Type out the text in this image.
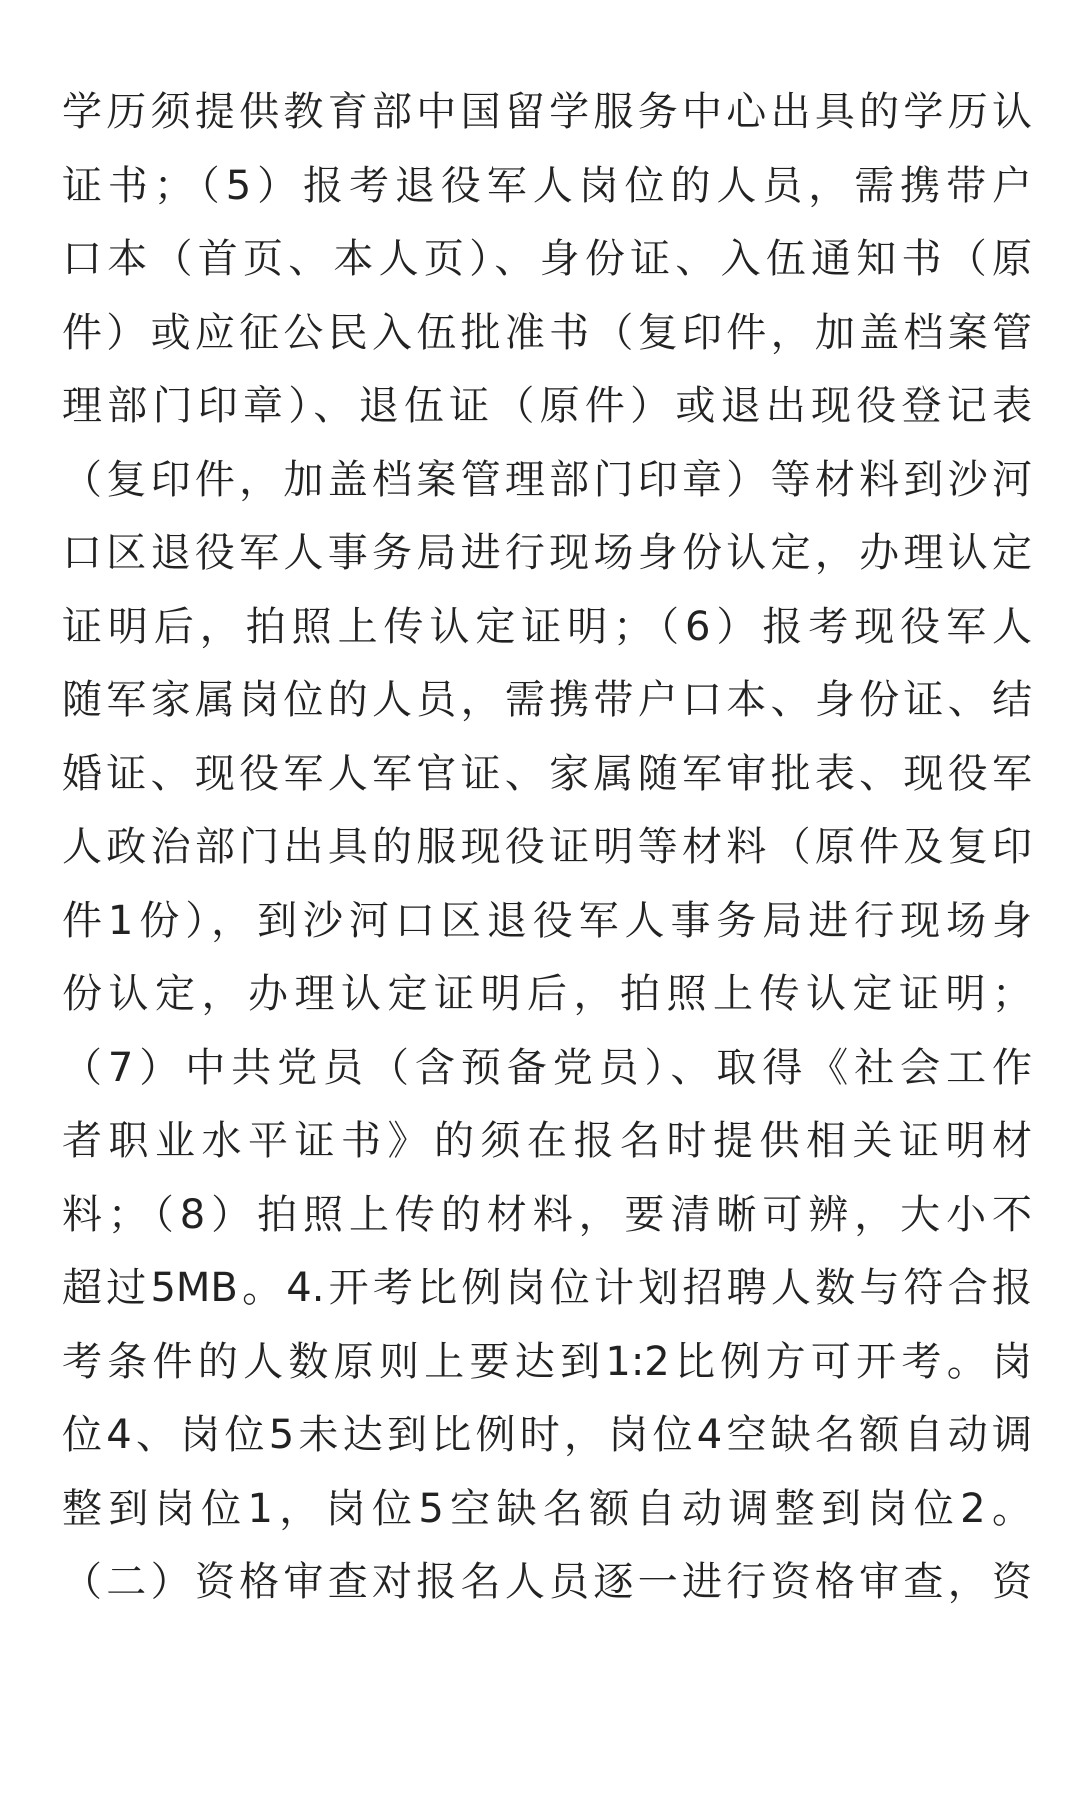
学历须提供教育部中国留学服务中心出具的学历认
证书；（5）报考退役军人岗位的人员，需携带户
口本（首页、本人页）、身份证、入伍通知书（原
件）或应征公民入伍批准书（复印件，加盖档案管
理部门印章）、退伍证（原件）或退出现役登记表
（复印件，加盖档案管理部门印章）等材料到沙河
口区退役军人事务局进行现场身份认定，办理认定
证明后，拍照上传认定证明；（6）报考现役军人
随军家属岗位的人员，需携带户口本、身份证、结
婚证、现役军人军官证、家属随军审批表、现役军
人政治部门出具的服现役证明等材料（原件及复印
件1份），到沙河口区退役军人事务局进行现场身
份认定，办理认定证明后，拍照上传认定证明；
（7）中共党员（含预备党员）、取得《社会工作
者职业水平证书》的须在报名时提供相关证明材
料；（8）拍照上传的材料，要清晰可辨，大小不
超过5MB。4.开考比例岗位计划招聘人数与符合报
考条件的人数原则上要达到1:2比例方可开考。岗
位4、岗位5未达到比例时，岗位4空缺名额自动调
整到岗位1，岗位5空缺名额自动调整到岗位2。
（二）资格审查对报名人员逐一进行资格审查，资
